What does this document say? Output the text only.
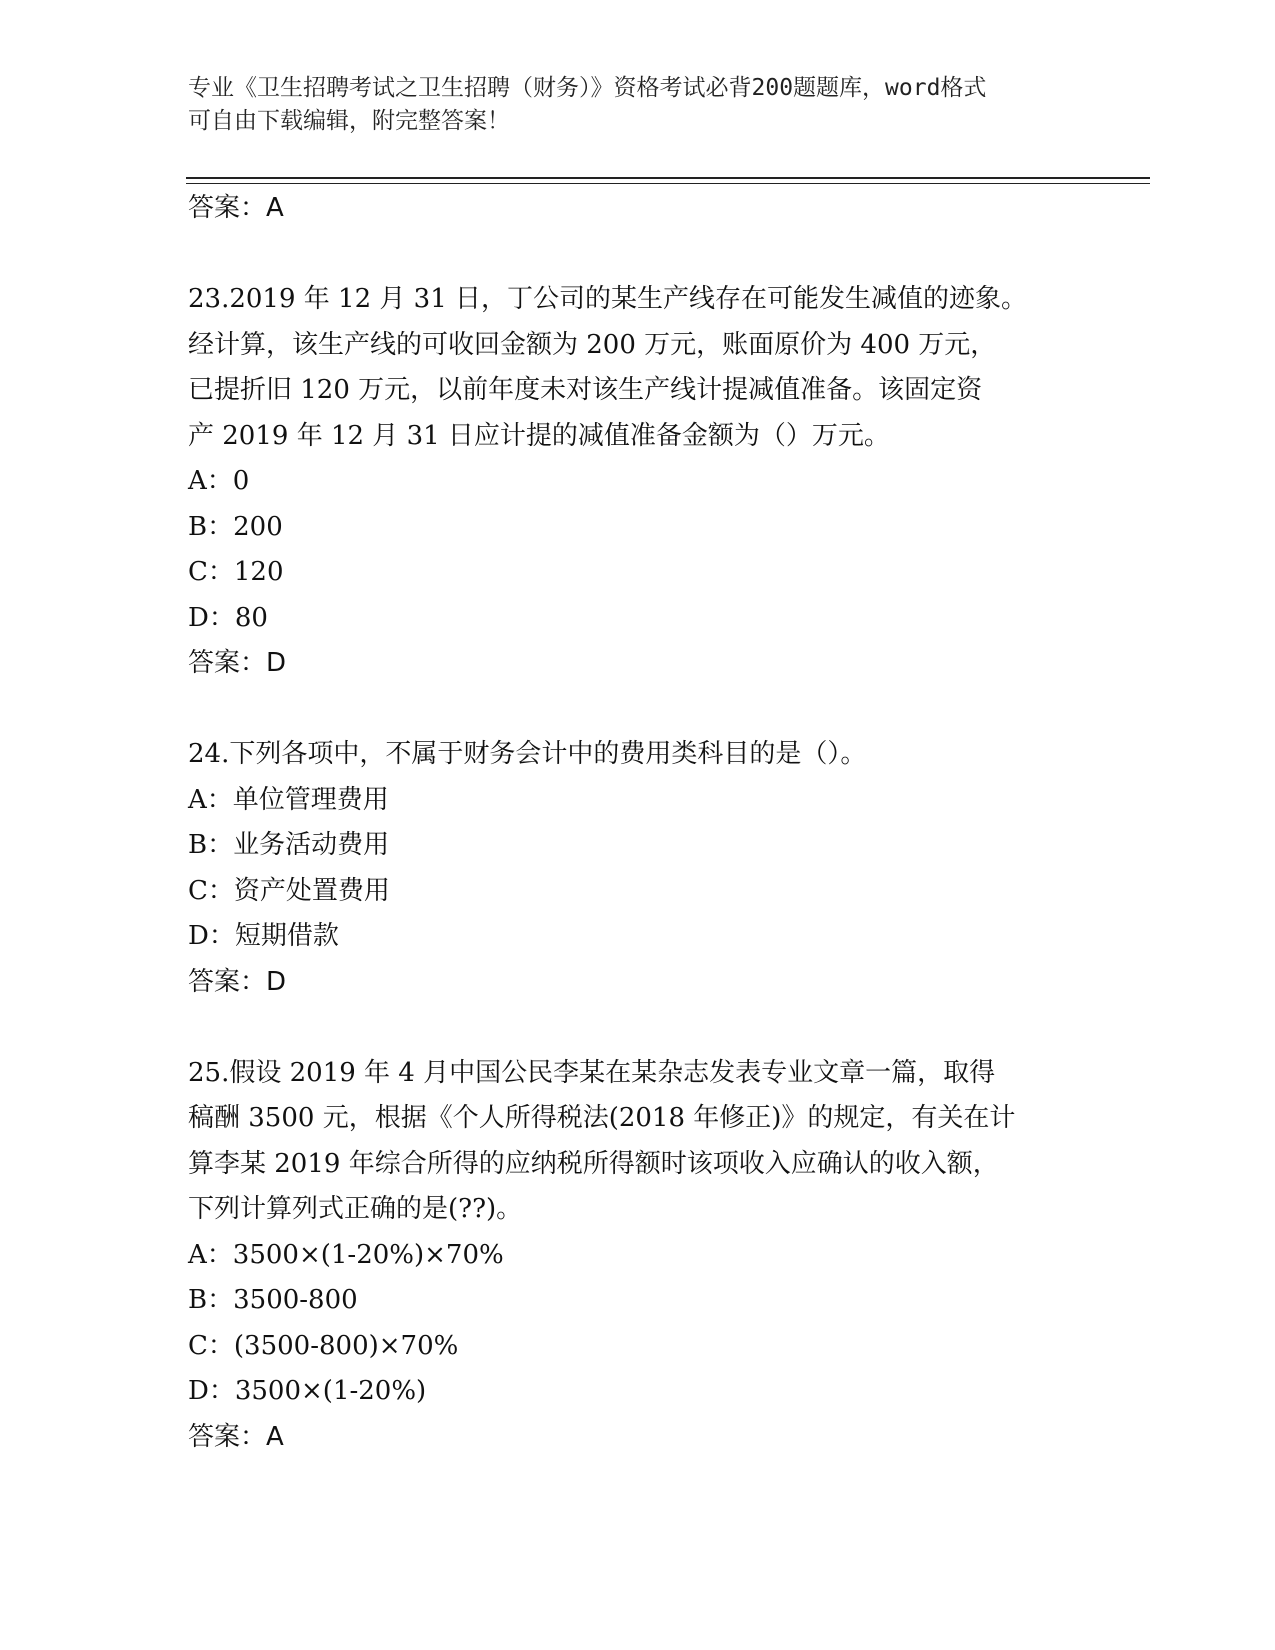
专业《卫生招聘考试之卫生招聘（财务）》资格考试必背200题题库，word格式
可自由下载编辑，附完整答案！
答案：A
23.2019 年 12 月 31 日，丁公司的某生产线存在可能发生减值的迹象。
经计算，该生产线的可收回金额为 200 万元，账面原价为 400 万元，
已提折旧 120 万元，以前年度未对该生产线计提减值准备。该固定资
产 2019 年 12 月 31 日应计提的减值准备金额为（）万元。
A：0
B：200
C：120
D：80
答案：D
24.下列各项中，不属于财务会计中的费用类科目的是（）。
A：单位管理费用
B：业务活动费用
C：资产处置费用
D：短期借款
答案：D
25.假设 2019 年 4 月中国公民李某在某杂志发表专业文章一篇，取得
稿酬 3500 元，根据《个人所得税法(2018 年修正)》的规定，有关在计
算李某 2019 年综合所得的应纳税所得额时该项收入应确认的收入额，
下列计算列式正确的是(??)。
A：3500×(1-20%)×70%
B：3500-800
C：(3500-800)×70%
D：3500×(1-20%)
答案：A
